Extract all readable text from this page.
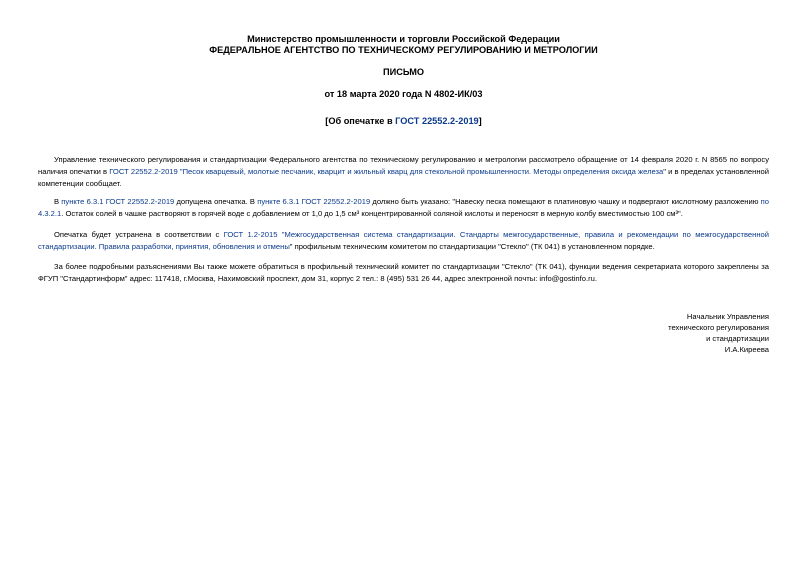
Министерство промышленности и торговли Российской Федерации
ФЕДЕРАЛЬНОЕ АГЕНТСТВО ПО ТЕХНИЧЕСКОМУ РЕГУЛИРОВАНИЮ И МЕТРОЛОГИИ
ПИСЬМО
от 18 марта 2020 года N 4802-ИК/03
[Об опечатке в ГОСТ 22552.2-2019]
Управление технического регулирования и стандартизации Федерального агентства по техническому регулированию и метрологии рассмотрело обращение от 14 февраля 2020 г. N 8565 по вопросу наличия опечатки в ГОСТ 22552.2-2019 "Песок кварцевый, молотые песчаник, кварцит и жильный кварц для стекольной промышленности. Методы определения оксида железа" и в пределах установленной компетенции сообщает.
В пункте 6.3.1 ГОСТ 22552.2-2019 допущена опечатка. В пункте 6.3.1 ГОСТ 22552.2-2019 должно быть указано: "Навеску песка помещают в платиновую чашку и подвергают кислотному разложению по 4.3.2.1. Остаток солей в чашке растворяют в горячей воде с добавлением от 1,0 до 1,5 см³ концентрированной соляной кислоты и переносят в мерную колбу вместимостью 100 см³".
Опечатка будет устранена в соответствии с ГОСТ 1.2-2015 "Межгосударственная система стандартизации. Стандарты межгосударственные, правила и рекомендации по межгосударственной стандартизации. Правила разработки, принятия, обновления и отмены" профильным техническим комитетом по стандартизации "Стекло" (ТК 041) в установленном порядке.
За более подробными разъяснениями Вы также можете обратиться в профильный технический комитет по стандартизации "Стекло" (ТК 041), функции ведения секретариата которого закреплены за ФГУП "Стандартинформ" адрес: 117418, г.Москва, Нахимовский проспект, дом 31, корпус 2 тел.: 8 (495) 531 26 44, адрес электронной почты: info@gostinfo.ru.
Начальник Управления
технического регулирования
и стандартизации
И.А.Киреева
